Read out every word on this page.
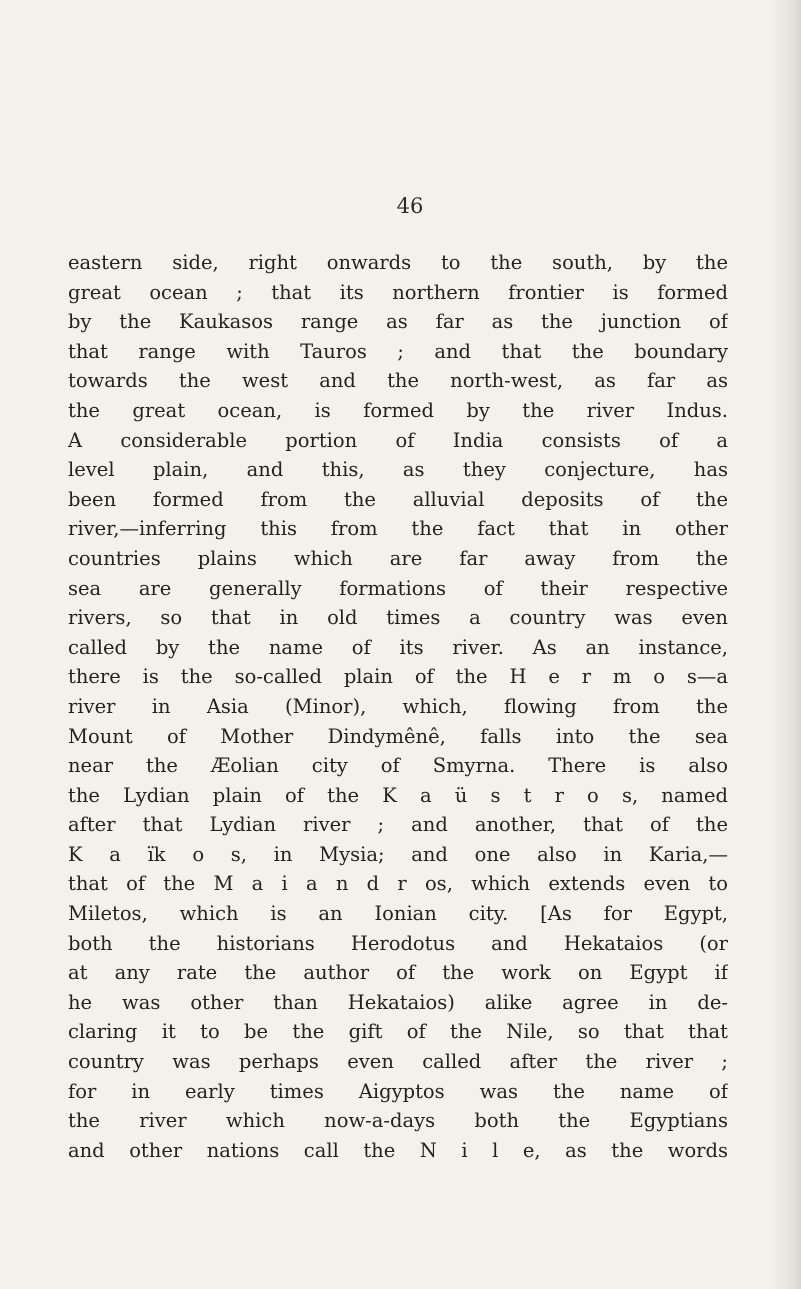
46
eastern side, right onwards to the south, by the
great ocean ; that its northern frontier is formed
by the Kaukasos range as far as the junction of
that range with Tauros ; and that the boundary
towards the west and the north-west, as far as
the great ocean, is formed by the river Indus.
A considerable portion of India consists of a
level plain, and this, as they conjecture, has
been formed from the alluvial deposits of the
river,—inferring this from the fact that in other
countries plains which are far away from the
sea are generally formations of their respective
rivers, so that in old times a country was even
called by the name of its river. As an instance,
there is the so-called plain of the H e r m o s—a
river in Asia (Minor), which, flowing from the
Mount of Mother Dindymênê, falls into the sea
near the Æolian city of Smyrna. There is also
the Lydian plain of the K a ü s t r o s, named
after that Lydian river ; and another, that of the
K a ïk o s, in Mysia; and one also in Karia,—
that of the M a i a n d r os, which extends even to
Miletos, which is an Ionian city. [As for Egypt,
both the historians Herodotus and Hekataios (or
at any rate the author of the work on Egypt if
he was other than Hekataios) alike agree in de-
claring it to be the gift of the Nile, so that that
country was perhaps even called after the river ;
for in early times Aigyptos was the name of
the river which now-a-days both the Egyptians
and other nations call the N i l e, as the words
